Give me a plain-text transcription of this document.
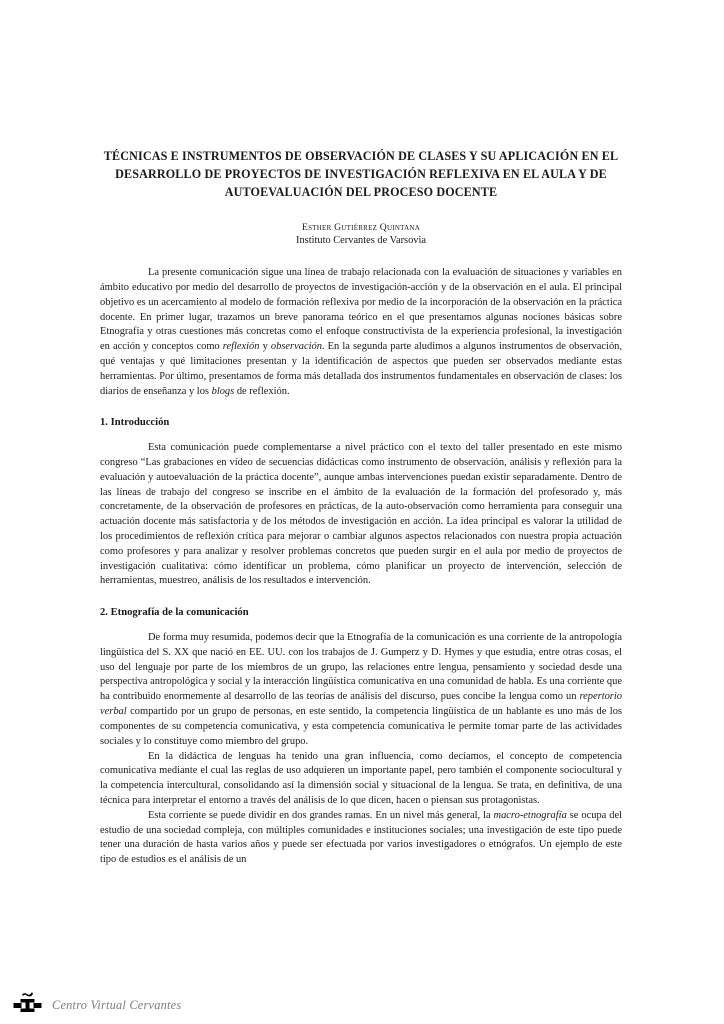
TÉCNICAS E INSTRUMENTOS DE OBSERVACIÓN DE CLASES Y SU APLICACIÓN EN EL DESARROLLO DE PROYECTOS DE INVESTIGACIÓN REFLEXIVA EN EL AULA Y DE AUTOEVALUACIÓN DEL PROCESO DOCENTE
Esther Gutiérrez Quintana
Instituto Cervantes de Varsovia

La presente comunicación sigue una línea de trabajo relacionada con la evaluación de situaciones y variables en ámbito educativo por medio del desarrollo de proyectos de investigación-acción y de la observación en el aula. El principal objetivo es un acercamiento al modelo de formación reflexiva por medio de la incorporación de la observación en la práctica docente. En primer lugar, trazamos un breve panorama teórico en el que presentamos algunas nociones básicas sobre Etnografía y otras cuestiones más concretas como el enfoque constructivista de la experiencia profesional, la investigación en acción y conceptos como reflexión y observación. En la segunda parte aludimos a algunos instrumentos de observación, qué ventajas y qué limitaciones presentan y la identificación de aspectos que pueden ser observados mediante estas herramientas. Por último, presentamos de forma más detallada dos instrumentos fundamentales en observación de clases: los diarios de enseñanza y los blogs de reflexión.

1. Introducción

Esta comunicación puede complementarse a nivel práctico con el texto del taller presentado en este mismo congreso “Las grabaciones en vídeo de secuencias didácticas como instrumento de observación, análisis y reflexión para la evaluación y autoevaluación de la práctica docente”, aunque ambas intervenciones puedan existir separadamente. Dentro de las líneas de trabajo del congreso se inscribe en el ámbito de la evaluación de la formación del profesorado y, más concretamente, de la observación de profesores en prácticas, de la auto-observación como herramienta para conseguir una actuación docente más satisfactoria y de los métodos de investigación en acción. La idea principal es valorar la utilidad de los procedimientos de reflexión crítica para mejorar o cambiar algunos aspectos relacionados con nuestra propia actuación como profesores y para analizar y resolver problemas concretos que pueden surgir en el aula por medio de proyectos de investigación cualitativa: cómo identificar un problema, cómo planificar un proyecto de intervención, selección de herramientas, muestreo, análisis de los resultados e intervención.

2. Etnografía de la comunicación

De forma muy resumida, podemos decir que la Etnografía de la comunicación es una corriente de la antropología lingüística del S. XX que nació en EE. UU. con los trabajos de J. Gumperz y D. Hymes y que estudia, entre otras cosas, el uso del lenguaje por parte de los miembros de un grupo, las relaciones entre lengua, pensamiento y sociedad desde una perspectiva antropológica y social y la interacción lingüística comunicativa en una comunidad de habla. Es una corriente que ha contribuido enormemente al desarrollo de las teorías de análisis del discurso, pues concibe la lengua como un repertorio verbal compartido por un grupo de personas, en este sentido, la competencia lingüística de un hablante es uno más de los componentes de su competencia comunicativa, y esta competencia comunicativa le permite tomar parte de las actividades sociales y lo constituye como miembro del grupo.

En la didáctica de lenguas ha tenido una gran influencia, como decíamos, el concepto de competencia comunicativa mediante el cual las reglas de uso adquieren un importante papel, pero también el componente sociocultural y la competencia intercultural, consolidando así la dimensión social y situacional de la lengua. Se trata, en definitiva, de una técnica para interpretar el entorno a través del análisis de lo que dicen, hacen o piensan sus protagonistas.

Esta corriente se puede dividir en dos grandes ramas. En un nivel más general, la macro-etnografía se ocupa del estudio de una sociedad compleja, con múltiples comunidades e instituciones sociales; una investigación de este tipo puede tener una duración de hasta varios años y puede ser efectuada por varios investigadores o etnógrafos. Un ejemplo de este tipo de estudios es el análisis de un

Centro Virtual Cervantes
